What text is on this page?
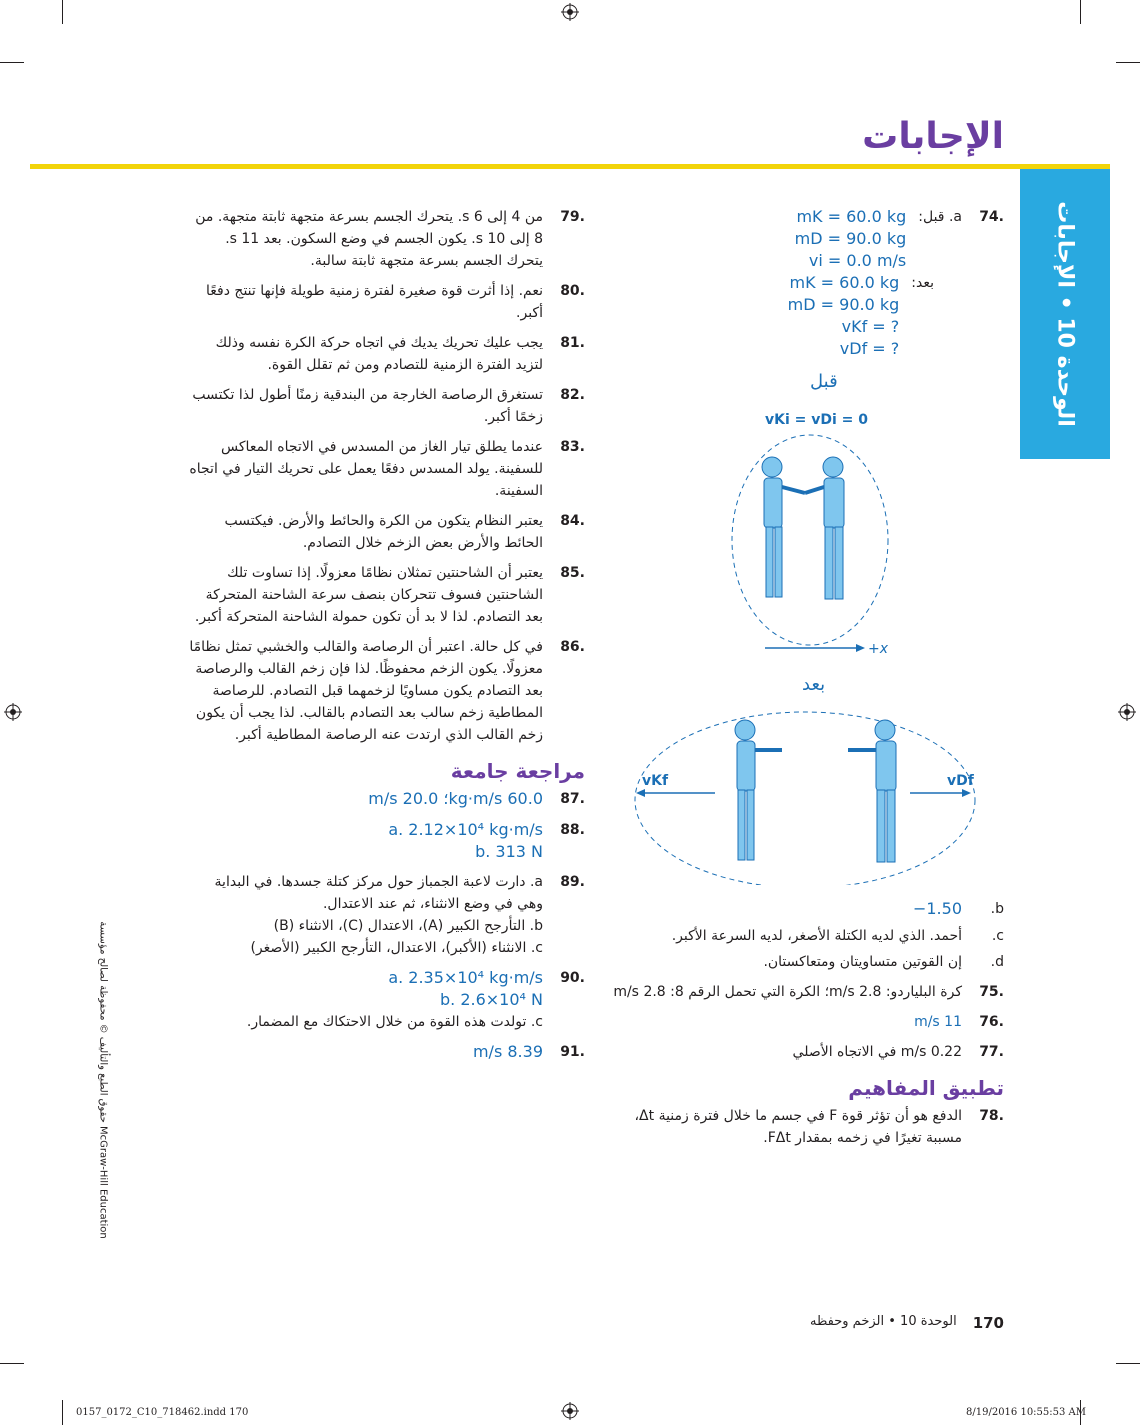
الإجابات
الوحدة 10 • الإجابات
.74
a. قبل:
mK = 60.0 kg
mD = 90.0 kg
vi = 0.0 m/s
بعد:
mK = 60.0 kg
mD = 90.0 kg
vKf = ?
vDf = ?
قبل
vKi = vDi = 0
+x
بعد
vKf	vDf
b.
−1.50
c.
أحمد. الذي لديه الكتلة الأصغر، لديه السرعة الأكبر.
d.
إن القوتين متساويتان ومتعاكستان.
.75
كرة البلياردو: 2.8 m/s؛ الكرة التي تحمل الرقم 8: 2.8 m/s
.76
11 m/s
.77
0.22 m/s في الاتجاه الأصلي
تطبيق المفاهيم
.78
الدفع هو أن تؤثر قوة F في جسم ما خلال فترة زمنية Δt، مسببة تغيرًا في زخمه بمقدار FΔt.
.79
من 4 إلى 6 s. يتحرك الجسم بسرعة متجهة ثابتة متجهة. من 8 إلى 10 s. يكون الجسم في وضع السكون. بعد 11 s. يتحرك الجسم بسرعة متجهة ثابتة سالبة.
.80
نعم. إذا أثرت قوة صغيرة لفترة زمنية طويلة فإنها تنتج دفعًا أكبر.
.81
يجب عليك تحريك يديك في اتجاه حركة الكرة نفسه وذلك لتزيد الفترة الزمنية للتصادم ومن ثم تقلل القوة.
.82
تستغرق الرصاصة الخارجة من البندقية زمنًا أطول لذا تكتسب زخمًا أكبر.
.83
عندما يطلق تيار الغاز من المسدس في الاتجاه المعاكس للسفينة. يولد المسدس دفعًا يعمل على تحريك التيار في اتجاه السفينة.
.84
يعتبر النظام يتكون من الكرة والحائط والأرض. فيكتسب الحائط والأرض بعض الزخم خلال التصادم.
.85
يعتبر أن الشاحنتين تمثلان نظامًا معزولًا. إذا تساوت تلك الشاحنتين فسوف تتحركان بنصف سرعة الشاحنة المتحركة بعد التصادم. لذا لا بد أن تكون حمولة الشاحنة المتحركة أكبر.
.86
في كل حالة. اعتبر أن الرصاصة والقالب والخشبي تمثل نظامًا معزولًا. يكون الزخم محفوظًا. لذا فإن زخم القالب والرصاصة بعد التصادم يكون مساويًا لزخمهما قبل التصادم. للرصاصة المطاطية زخم سالب بعد التصادم بالقالب. لذا يجب أن يكون زخم القالب الذي ارتدت عنه الرصاصة المطاطية أكبر.
مراجعة جامعة
.87
60.0 kg·m/s؛ 20.0 m/s
.88
a. 2.12×10⁴ kg·m/s
b. 313 N
.89
a. دارت لاعبة الجمباز حول مركز كتلة جسدها. في البداية وهي في وضع الانثناء، ثم عند الاعتدال.
b. التأرجح الكبير (A)، الاعتدال (C)، الانثناء (B)
c. الانثناء (الأكبر)، الاعتدال، التأرجح الكبير (الأصغر)
.90
a. 2.35×10⁴ kg·m/s
b. 2.6×10⁴ N
c. تولدت هذه القوة من خلال الاحتكاك مع المضمار.
.91
8.39 m/s
حقوق الطبع والتأليف © محفوظة لصالح مؤسسة McGraw-Hill Education
170
الوحدة 10 • الزخم وحفظه
0157_0172_C10_718462.indd 170	8/19/2016 10:55:53 AM
